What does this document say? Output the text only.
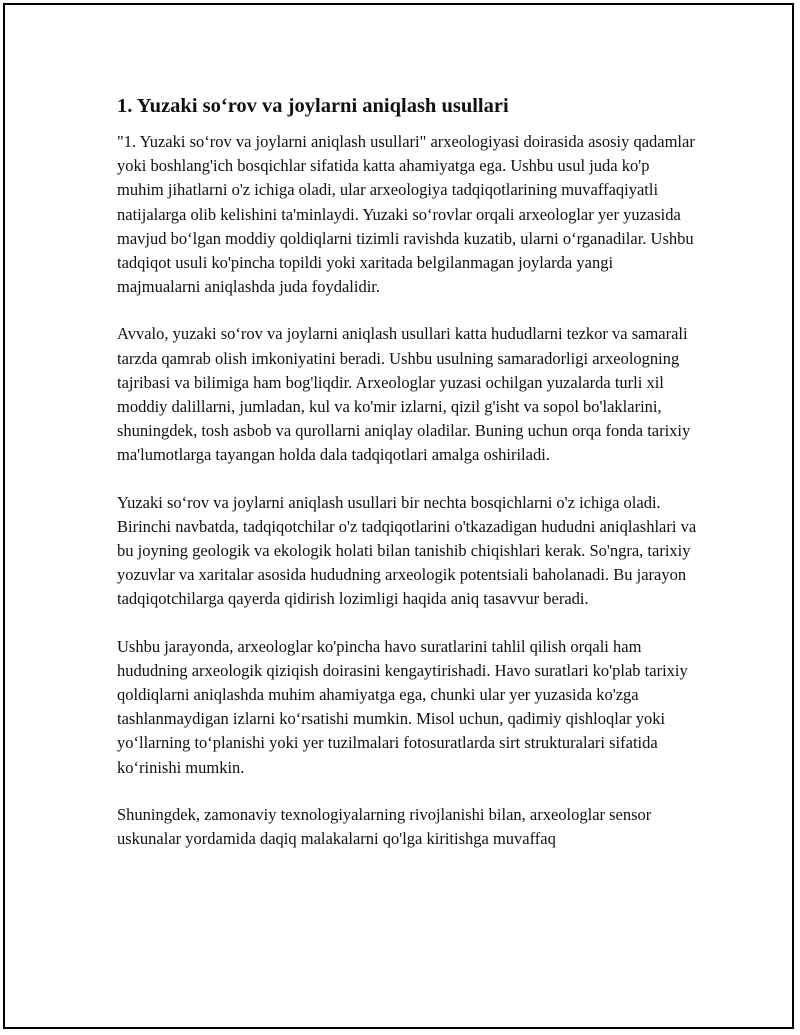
1. Yuzaki so‘rov va joylarni aniqlash usullari

"1. Yuzaki so‘rov va joylarni aniqlash usullari" arxeologiyasi doirasida asosiy qadamlar yoki boshlang'ich bosqichlar sifatida katta ahamiyatga ega. Ushbu usul juda ko'p muhim jihatlarni o'z ichiga oladi, ular arxeologiya tadqiqotlarining muvaffaqiyatli natijalarga olib kelishini ta'minlaydi. Yuzaki so‘rovlar orqali arxeologlar yer yuzasida mavjud bo‘lgan moddiy qoldiqlarni tizimli ravishda kuzatib, ularni o‘rganadilar. Ushbu tadqiqot usuli ko'pincha topildi yoki xaritada belgilanmagan joylarda yangi majmualarni aniqlashda juda foydalidir.

Avvalo, yuzaki so‘rov va joylarni aniqlash usullari katta hududlarni tezkor va samarali tarzda qamrab olish imkoniyatini beradi. Ushbu usulning samaradorligi arxeologning tajribasi va bilimiga ham bog'liqdir. Arxeologlar yuzasi ochilgan yuzalarda turli xil moddiy dalillarni, jumladan, kul va ko'mir izlarni, qizil g'isht va sopol bo'laklarini, shuningdek, tosh asbob va qurollarni aniqlay oladilar. Buning uchun orqa fonda tarixiy ma'lumotlarga tayangan holda dala tadqiqotlari amalga oshiriladi.

Yuzaki so‘rov va joylarni aniqlash usullari bir nechta bosqichlarni o'z ichiga oladi. Birinchi navbatda, tadqiqotchilar o'z tadqiqotlarini o'tkazadigan hududni aniqlashlari va bu joyning geologik va ekologik holati bilan tanishib chiqishlari kerak. So'ngra, tarixiy yozuvlar va xaritalar asosida hududning arxeologik potentsiali baholanadi. Bu jarayon tadqiqotchilarga qayerda qidirish lozimligi haqida aniq tasavvur beradi.

Ushbu jarayonda, arxeologlar ko'pincha havo suratlarini tahlil qilish orqali ham hududning arxeologik qiziqish doirasini kengaytirishadi. Havo suratlari ko'plab tarixiy qoldiqlarni aniqlashda muhim ahamiyatga ega, chunki ular yer yuzasida ko'zga tashlanmaydigan izlarni ko‘rsatishi mumkin. Misol uchun, qadimiy qishloqlar yoki yo‘llarning to‘planishi yoki yer tuzilmalari fotosuratlarda sirt strukturalari sifatida ko‘rinishi mumkin.

Shuningdek, zamonaviy texnologiyalarning rivojlanishi bilan, arxeologlar sensor uskunalar yordamida daqiq malakalarni qo'lga kiritishga muvaffaq
